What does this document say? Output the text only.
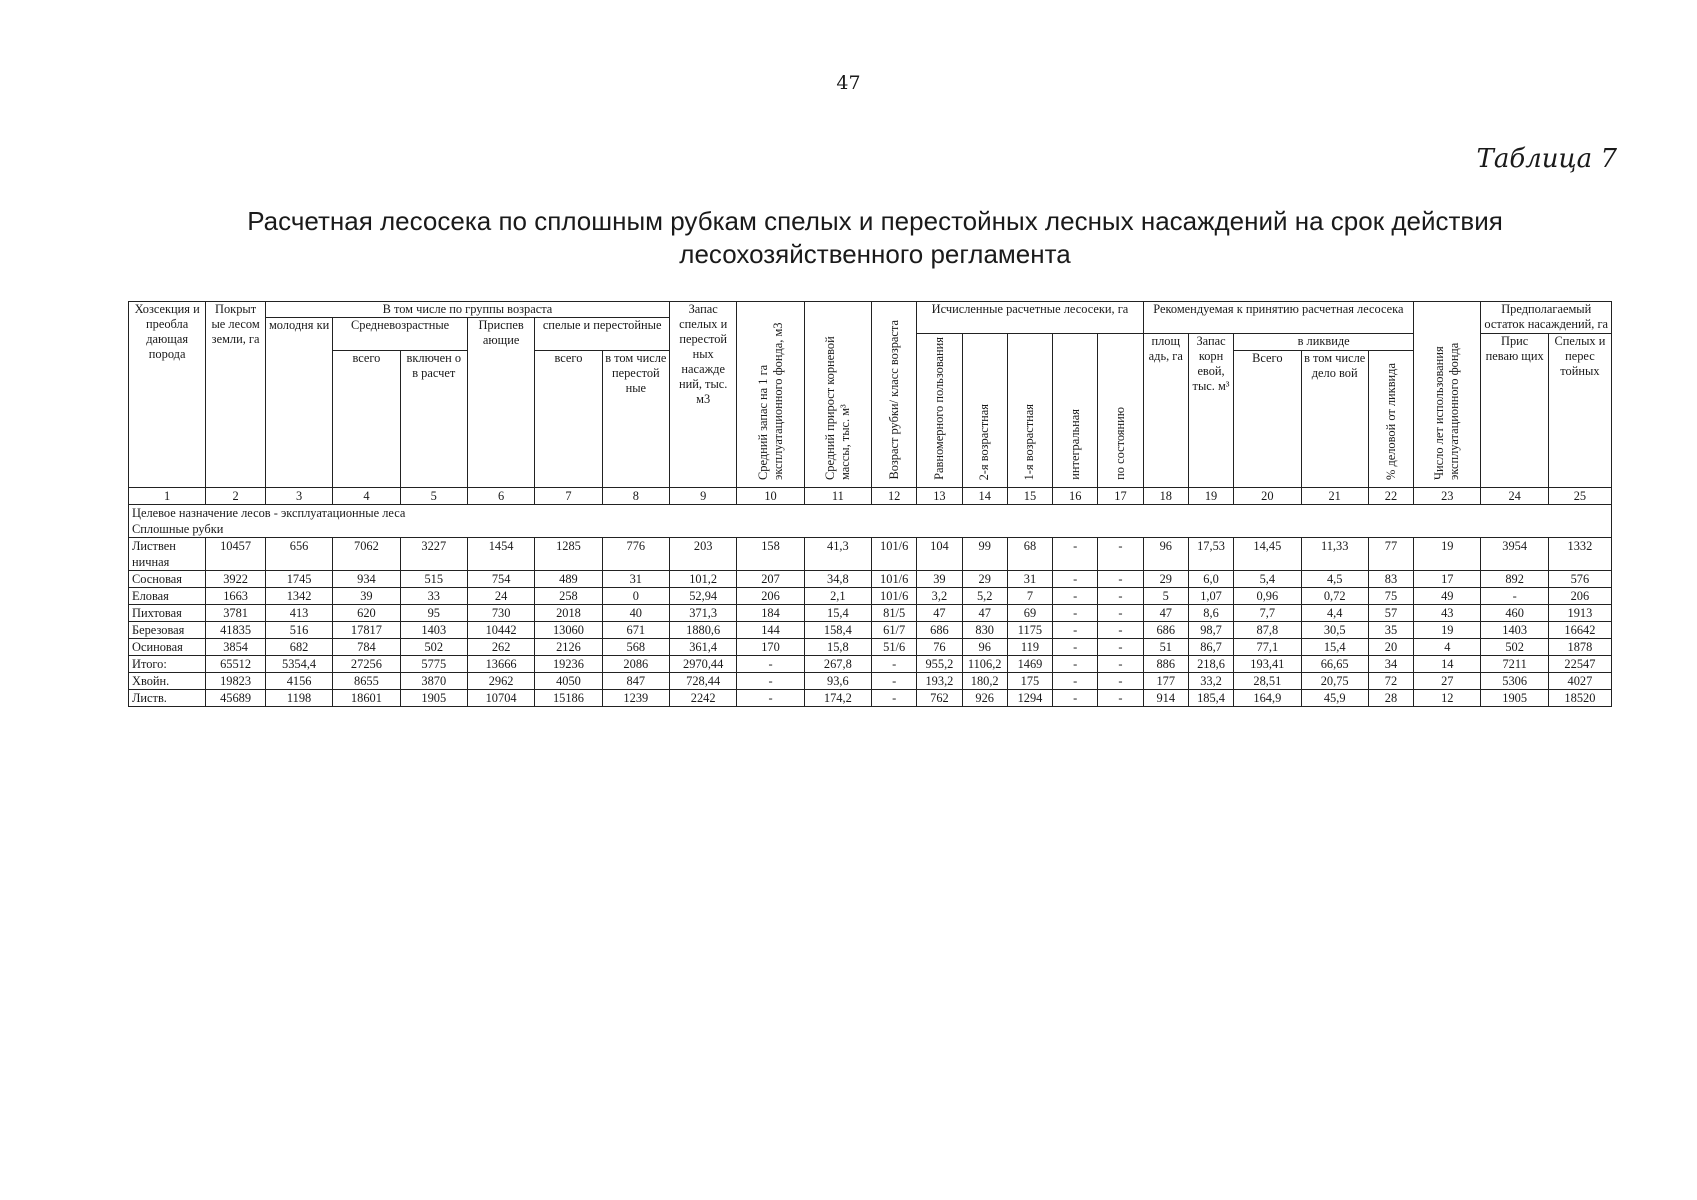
47
Таблица 7
Расчетная лесосека по сплошным рубкам спелых и перестойных лесных насаждений на срок действия лесохозяйственного регламента
Хозсекция и преобла дающая порода	Покрыт ые лесом земли, га	В том числе по группы возраста						Запас спелых и перестой ных насажде ний, тыс. м3	Средний запас на 1 га эксплуатационного фонда, м3	Средний прирост корневой массы, тыс. м³	Возраст рубки/ класс возраста	Исчисленные расчетные лесосеки, га					Рекомендуемая к принятию расчетная лесосека					Число лет использования эксплуатационного фонда	Предполагаемый остаток насаждений, га	
		молодня ки	Средневозрастные		Приспев ающие	спелые и перестойные																		
												Равномерного пользования	2-я возрастная	1-я возрастная	интегральная	по состоянию	площ адь, га	Запас корн евой, тыс. м³	в ликвиде				Прис певаю щих	Спелых и перес тойных
			всего	включен о в расчет		всего	в том числе перестой ные												Всего	в том числе дело вой	% деловой от ликвида			
1	2	3	4	5	6	7	8	9	10	11	12	13	14	15	16	17	18	19	20	21	22	23	24	25

Целевое назначение лесов - эксплуатационные леса
Сплошные рубки																								

Листвен ничная	10457	656	7062	3227	1454	1285	776	203	158	41,3	101/6	104	99	68	-	-	96	17,53	14,45	11,33	77	19	3954	1332
Сосновая	3922	1745	934	515	754	489	31	101,2	207	34,8	101/6	39	29	31	-	-	29	6,0	5,4	4,5	83	17	892	576
Еловая	1663	1342	39	33	24	258	0	52,94	206	2,1	101/6	3,2	5,2	7	-	-	5	1,07	0,96	0,72	75	49	-	206
Пихтовая	3781	413	620	95	730	2018	40	371,3	184	15,4	81/5	47	47	69	-	-	47	8,6	7,7	4,4	57	43	460	1913
Березовая	41835	516	17817	1403	10442	13060	671	1880,6	144	158,4	61/7	686	830	1175	-	-	686	98,7	87,8	30,5	35	19	1403	16642
Осиновая	3854	682	784	502	262	2126	568	361,4	170	15,8	51/6	76	96	119	-	-	51	86,7	77,1	15,4	20	4	502	1878
Итого:	65512	5354,4	27256	5775	13666	19236	2086	2970,44	-	267,8	-	955,2	1106,2	1469	-	-	886	218,6	193,41	66,65	34	14	7211	22547
Хвойн.	19823	4156	8655	3870	2962	4050	847	728,44	-	93,6	-	193,2	180,2	175	-	-	177	33,2	28,51	20,75	72	27	5306	4027
Листв.	45689	1198	18601	1905	10704	15186	1239	2242	-	174,2	-	762	926	1294	-	-	914	185,4	164,9	45,9	28	12	1905	18520
